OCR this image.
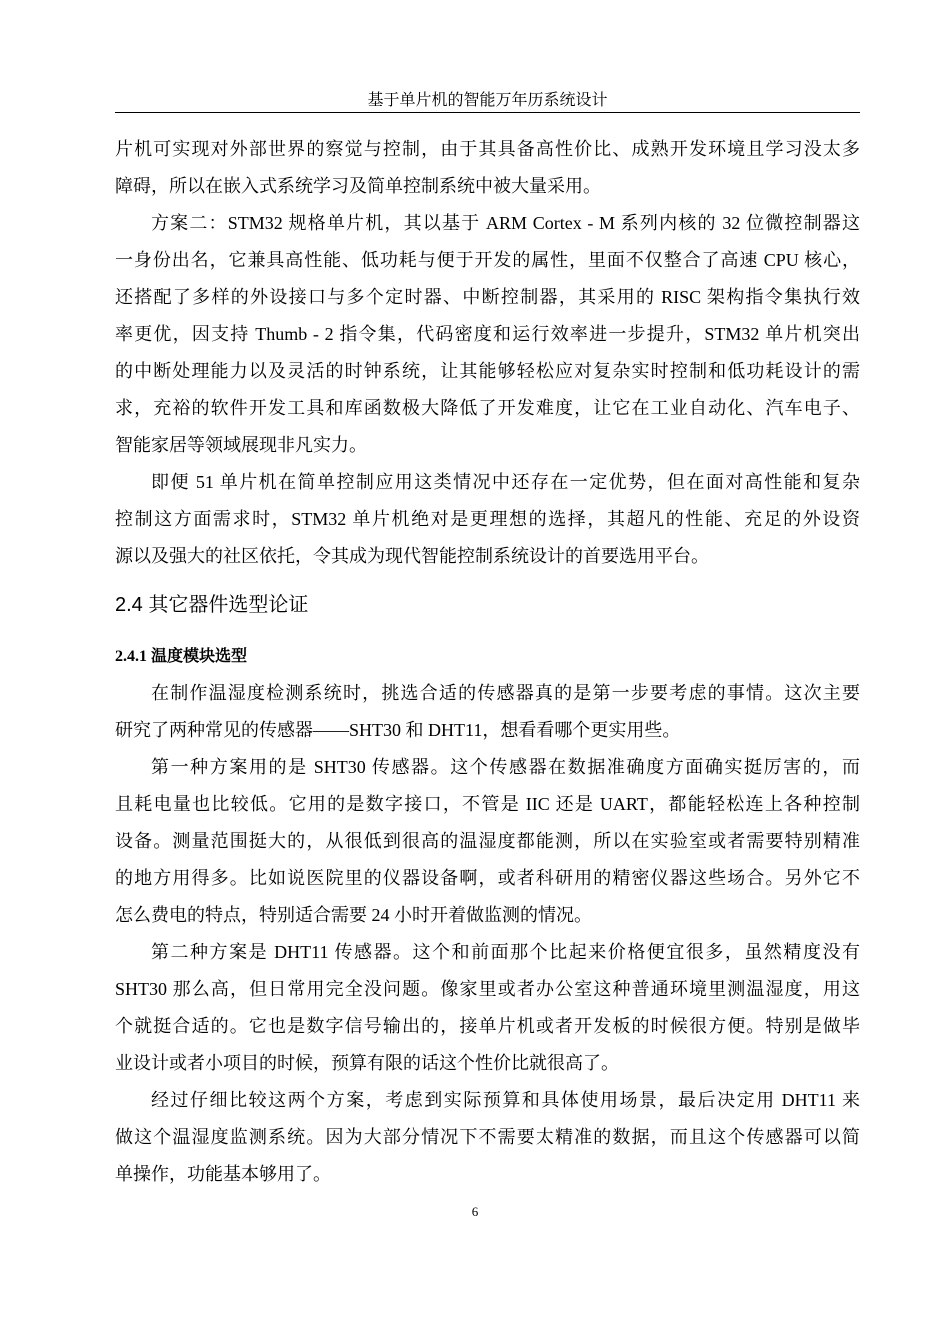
基于单片机的智能万年历系统设计
片机可实现对外部世界的察觉与控制，由于其具备高性价比、成熟开发环境且学习没太多
障碍，所以在嵌入式系统学习及简单控制系统中被大量采用。
方案二：STM32 规格单片机，其以基于 ARM Cortex - M 系列内核的 32 位微控制器这
一身份出名，它兼具高性能、低功耗与便于开发的属性，里面不仅整合了高速 CPU 核心，
还搭配了多样的外设接口与多个定时器、中断控制器，其采用的 RISC 架构指令集执行效
率更优，因支持 Thumb - 2 指令集，代码密度和运行效率进一步提升，STM32 单片机突出
的中断处理能力以及灵活的时钟系统，让其能够轻松应对复杂实时控制和低功耗设计的需
求，充裕的软件开发工具和库函数极大降低了开发难度，让它在工业自动化、汽车电子、
智能家居等领域展现非凡实力。
即便 51 单片机在简单控制应用这类情况中还存在一定优势，但在面对高性能和复杂
控制这方面需求时，STM32 单片机绝对是更理想的选择，其超凡的性能、充足的外设资
源以及强大的社区依托，令其成为现代智能控制系统设计的首要选用平台。
2.4 其它器件选型论证
2.4.1 温度模块选型
在制作温湿度检测系统时，挑选合适的传感器真的是第一步要考虑的事情。这次主要
研究了两种常见的传感器——SHT30 和 DHT11，想看看哪个更实用些。
第一种方案用的是 SHT30 传感器。这个传感器在数据准确度方面确实挺厉害的，而
且耗电量也比较低。它用的是数字接口，不管是 IIC 还是 UART，都能轻松连上各种控制
设备。测量范围挺大的，从很低到很高的温湿度都能测，所以在实验室或者需要特别精准
的地方用得多。比如说医院里的仪器设备啊，或者科研用的精密仪器这些场合。另外它不
怎么费电的特点，特别适合需要 24 小时开着做监测的情况。
第二种方案是 DHT11 传感器。这个和前面那个比起来价格便宜很多，虽然精度没有
SHT30 那么高，但日常用完全没问题。像家里或者办公室这种普通环境里测温湿度，用这
个就挺合适的。它也是数字信号输出的，接单片机或者开发板的时候很方便。特别是做毕
业设计或者小项目的时候，预算有限的话这个性价比就很高了。
经过仔细比较这两个方案，考虑到实际预算和具体使用场景，最后决定用 DHT11 来
做这个温湿度监测系统。因为大部分情况下不需要太精准的数据，而且这个传感器可以简
单操作，功能基本够用了。
6
